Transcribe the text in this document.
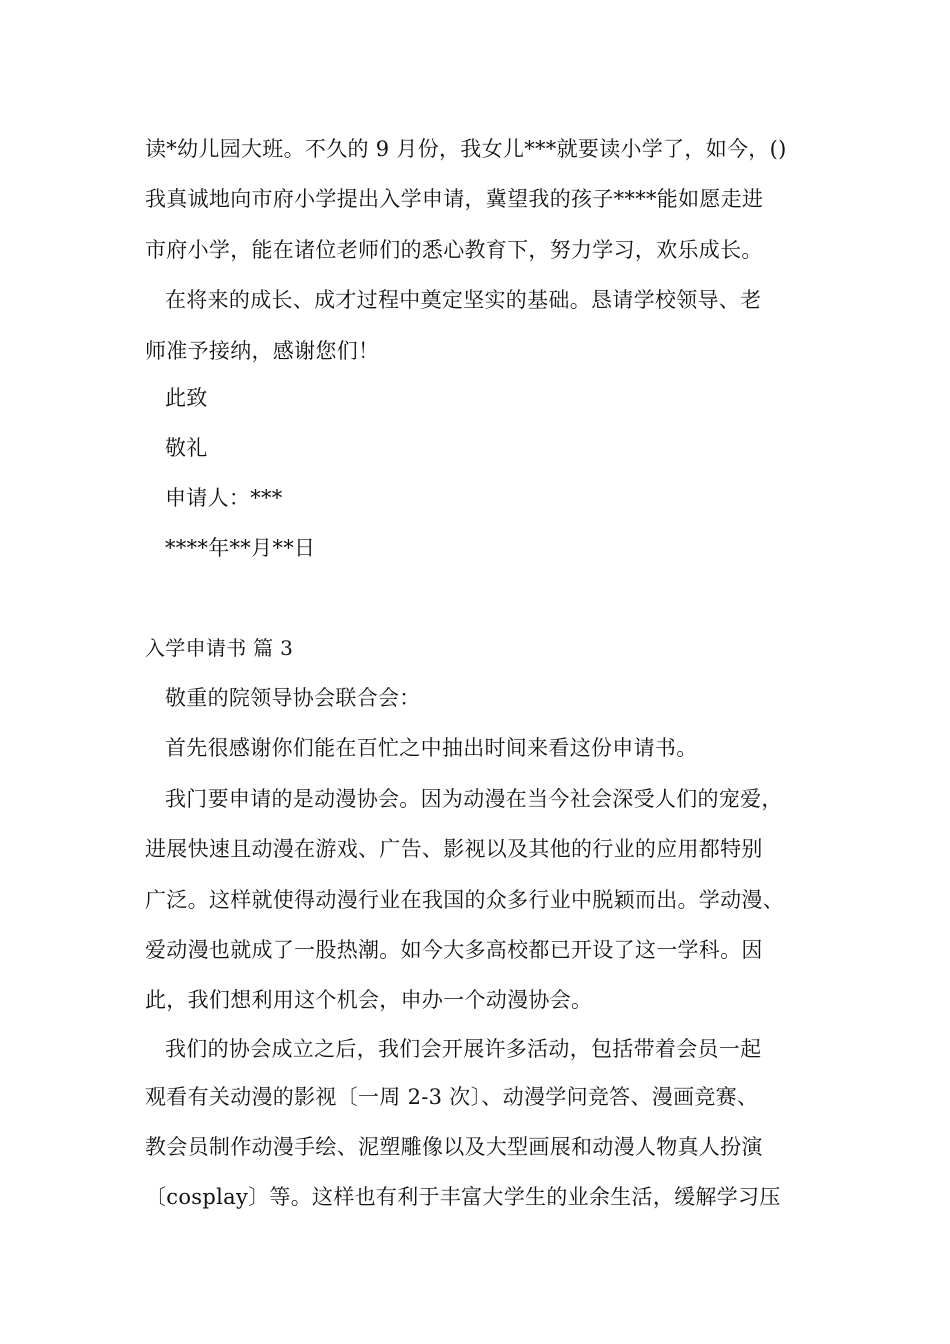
读*幼儿园大班。不久的 9 月份，我女儿***就要读小学了，如今，()
我真诚地向市府小学提出入学申请，冀望我的孩子****能如愿走进
市府小学，能在诸位老师们的悉心教育下，努力学习，欢乐成长。
在将来的成长、成才过程中奠定坚实的基础。恳请学校领导、老
师准予接纳，感谢您们！
此致
敬礼
申请人：***
****年**月**日
入学申请书 篇 3
敬重的院领导协会联合会：
首先很感谢你们能在百忙之中抽出时间来看这份申请书。
我门要申请的是动漫协会。因为动漫在当今社会深受人们的宠爱，
进展快速且动漫在游戏、广告、影视以及其他的行业的应用都特别
广泛。这样就使得动漫行业在我国的众多行业中脱颖而出。学动漫、
爱动漫也就成了一股热潮。如今大多高校都已开设了这一学科。因
此，我们想利用这个机会，申办一个动漫协会。
我们的协会成立之后，我们会开展许多活动，包括带着会员一起
观看有关动漫的影视〔一周 2-3 次〕、动漫学问竞答、漫画竞赛、
教会员制作动漫手绘、泥塑雕像以及大型画展和动漫人物真人扮演
〔cosplay〕等。这样也有利于丰富大学生的业余生活，缓解学习压
